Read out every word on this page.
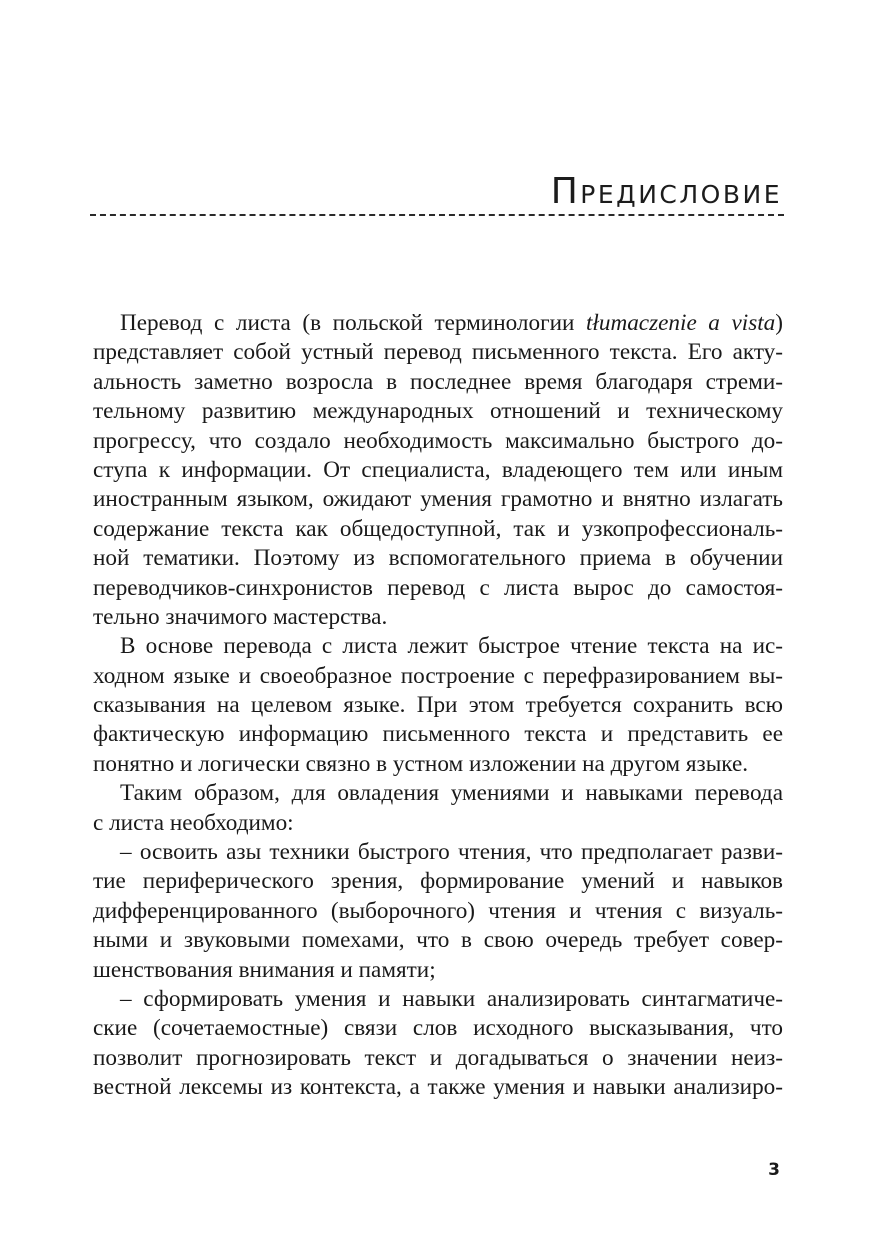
Предисловие
Перевод с листа (в польской терминологии tłumaczenie a vista)
представляет собой устный перевод письменного текста. Его акту-
альность заметно возросла в последнее время благодаря стреми-
тельному развитию международных отношений и техническому
прогрессу, что создало необходимость максимально быстрого до-
ступа к информации. От специалиста, владеющего тем или иным
иностранным языком, ожидают умения грамотно и внятно излагать
содержание текста как общедоступной, так и узкопрофессиональ-
ной тематики. Поэтому из вспомогательного приема в обучении
переводчиков-синхронистов перевод с листа вырос до самостоя-
тельно значимого мастерства.
В основе перевода с листа лежит быстрое чтение текста на ис-
ходном языке и своеобразное построение с перефразированием вы-
сказывания на целевом языке. При этом требуется сохранить всю
фактическую информацию письменного текста и представить ее
понятно и логически связно в устном изложении на другом языке.
Таким образом, для овладения умениями и навыками перевода
с листа необходимо:
– освоить азы техники быстрого чтения, что предполагает разви-
тие периферического зрения, формирование умений и навыков
дифференцированного (выборочного) чтения и чтения с визуаль-
ными и звуковыми помехами, что в свою очередь требует совер-
шенствования внимания и памяти;
– сформировать умения и навыки анализировать синтагматиче-
ские (сочетаемостные) связи слов исходного высказывания, что
позволит прогнозировать текст и догадываться о значении неиз-
вестной лексемы из контекста, а также умения и навыки анализиро-
3
